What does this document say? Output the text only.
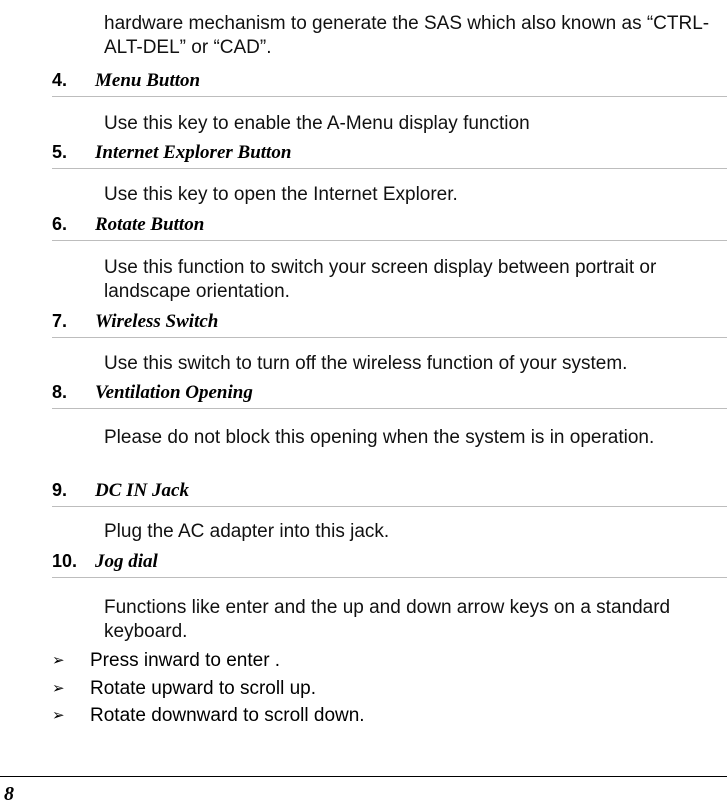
hardware mechanism to generate the SAS which also known as “CTRL-ALT-DEL” or “CAD”.
4. Menu Button
Use this key to enable the A-Menu display function
5. Internet Explorer Button
Use this key to open the Internet Explorer.
6. Rotate Button
Use this function to switch your screen display between portrait or landscape orientation.
7. Wireless Switch
Use this switch to turn off the wireless function of your system.
8. Ventilation Opening
Please do not block this opening when the system is in operation.
9. DC IN Jack
Plug the AC adapter into this jack.
10. Jog dial
Functions like enter and the up and down arrow keys on a standard keyboard.
➢ Press inward to enter .
➢ Rotate upward to scroll up.
➢ Rotate downward to scroll down.
8
